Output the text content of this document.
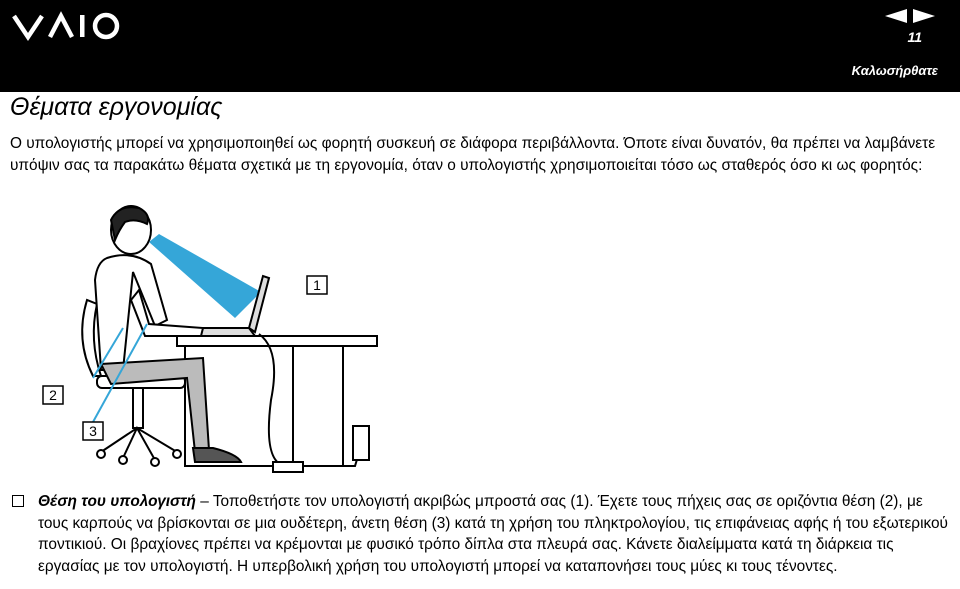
11
Καλωσήρθατε
Θέματα εργονομίας

Ο υπολογιστής μπορεί να χρησιμοποιηθεί ως φορητή συσκευή σε διάφορα περιβάλλοντα. Όποτε είναι δυνατόν, θα πρέπει να λαμβάνετε υπόψιν σας τα παρακάτω θέματα σχετικά με τη εργονομία, όταν ο υπολογιστής χρησιμοποιείται τόσο ως σταθερός όσο κι ως φορητός:

1
2
3

Θέση του υπολογιστή – Τοποθετήστε τον υπολογιστή ακριβώς μπροστά σας (1). Έχετε τους πήχεις σας σε οριζόντια θέση (2), με τους καρπούς να βρίσκονται σε μια ουδέτερη, άνετη θέση (3) κατά τη χρήση του πληκτρολογίου, τις επιφάνειας αφής ή του εξωτερικού ποντικιού. Οι βραχίονες πρέπει να κρέμονται με φυσικό τρόπο δίπλα στα πλευρά σας. Κάνετε διαλείμματα κατά τη διάρκεια τις εργασίας με τον υπολογιστή. Η υπερβολική χρήση του υπολογιστή μπορεί να καταπονήσει τους μύες κι τους τένοντες.
